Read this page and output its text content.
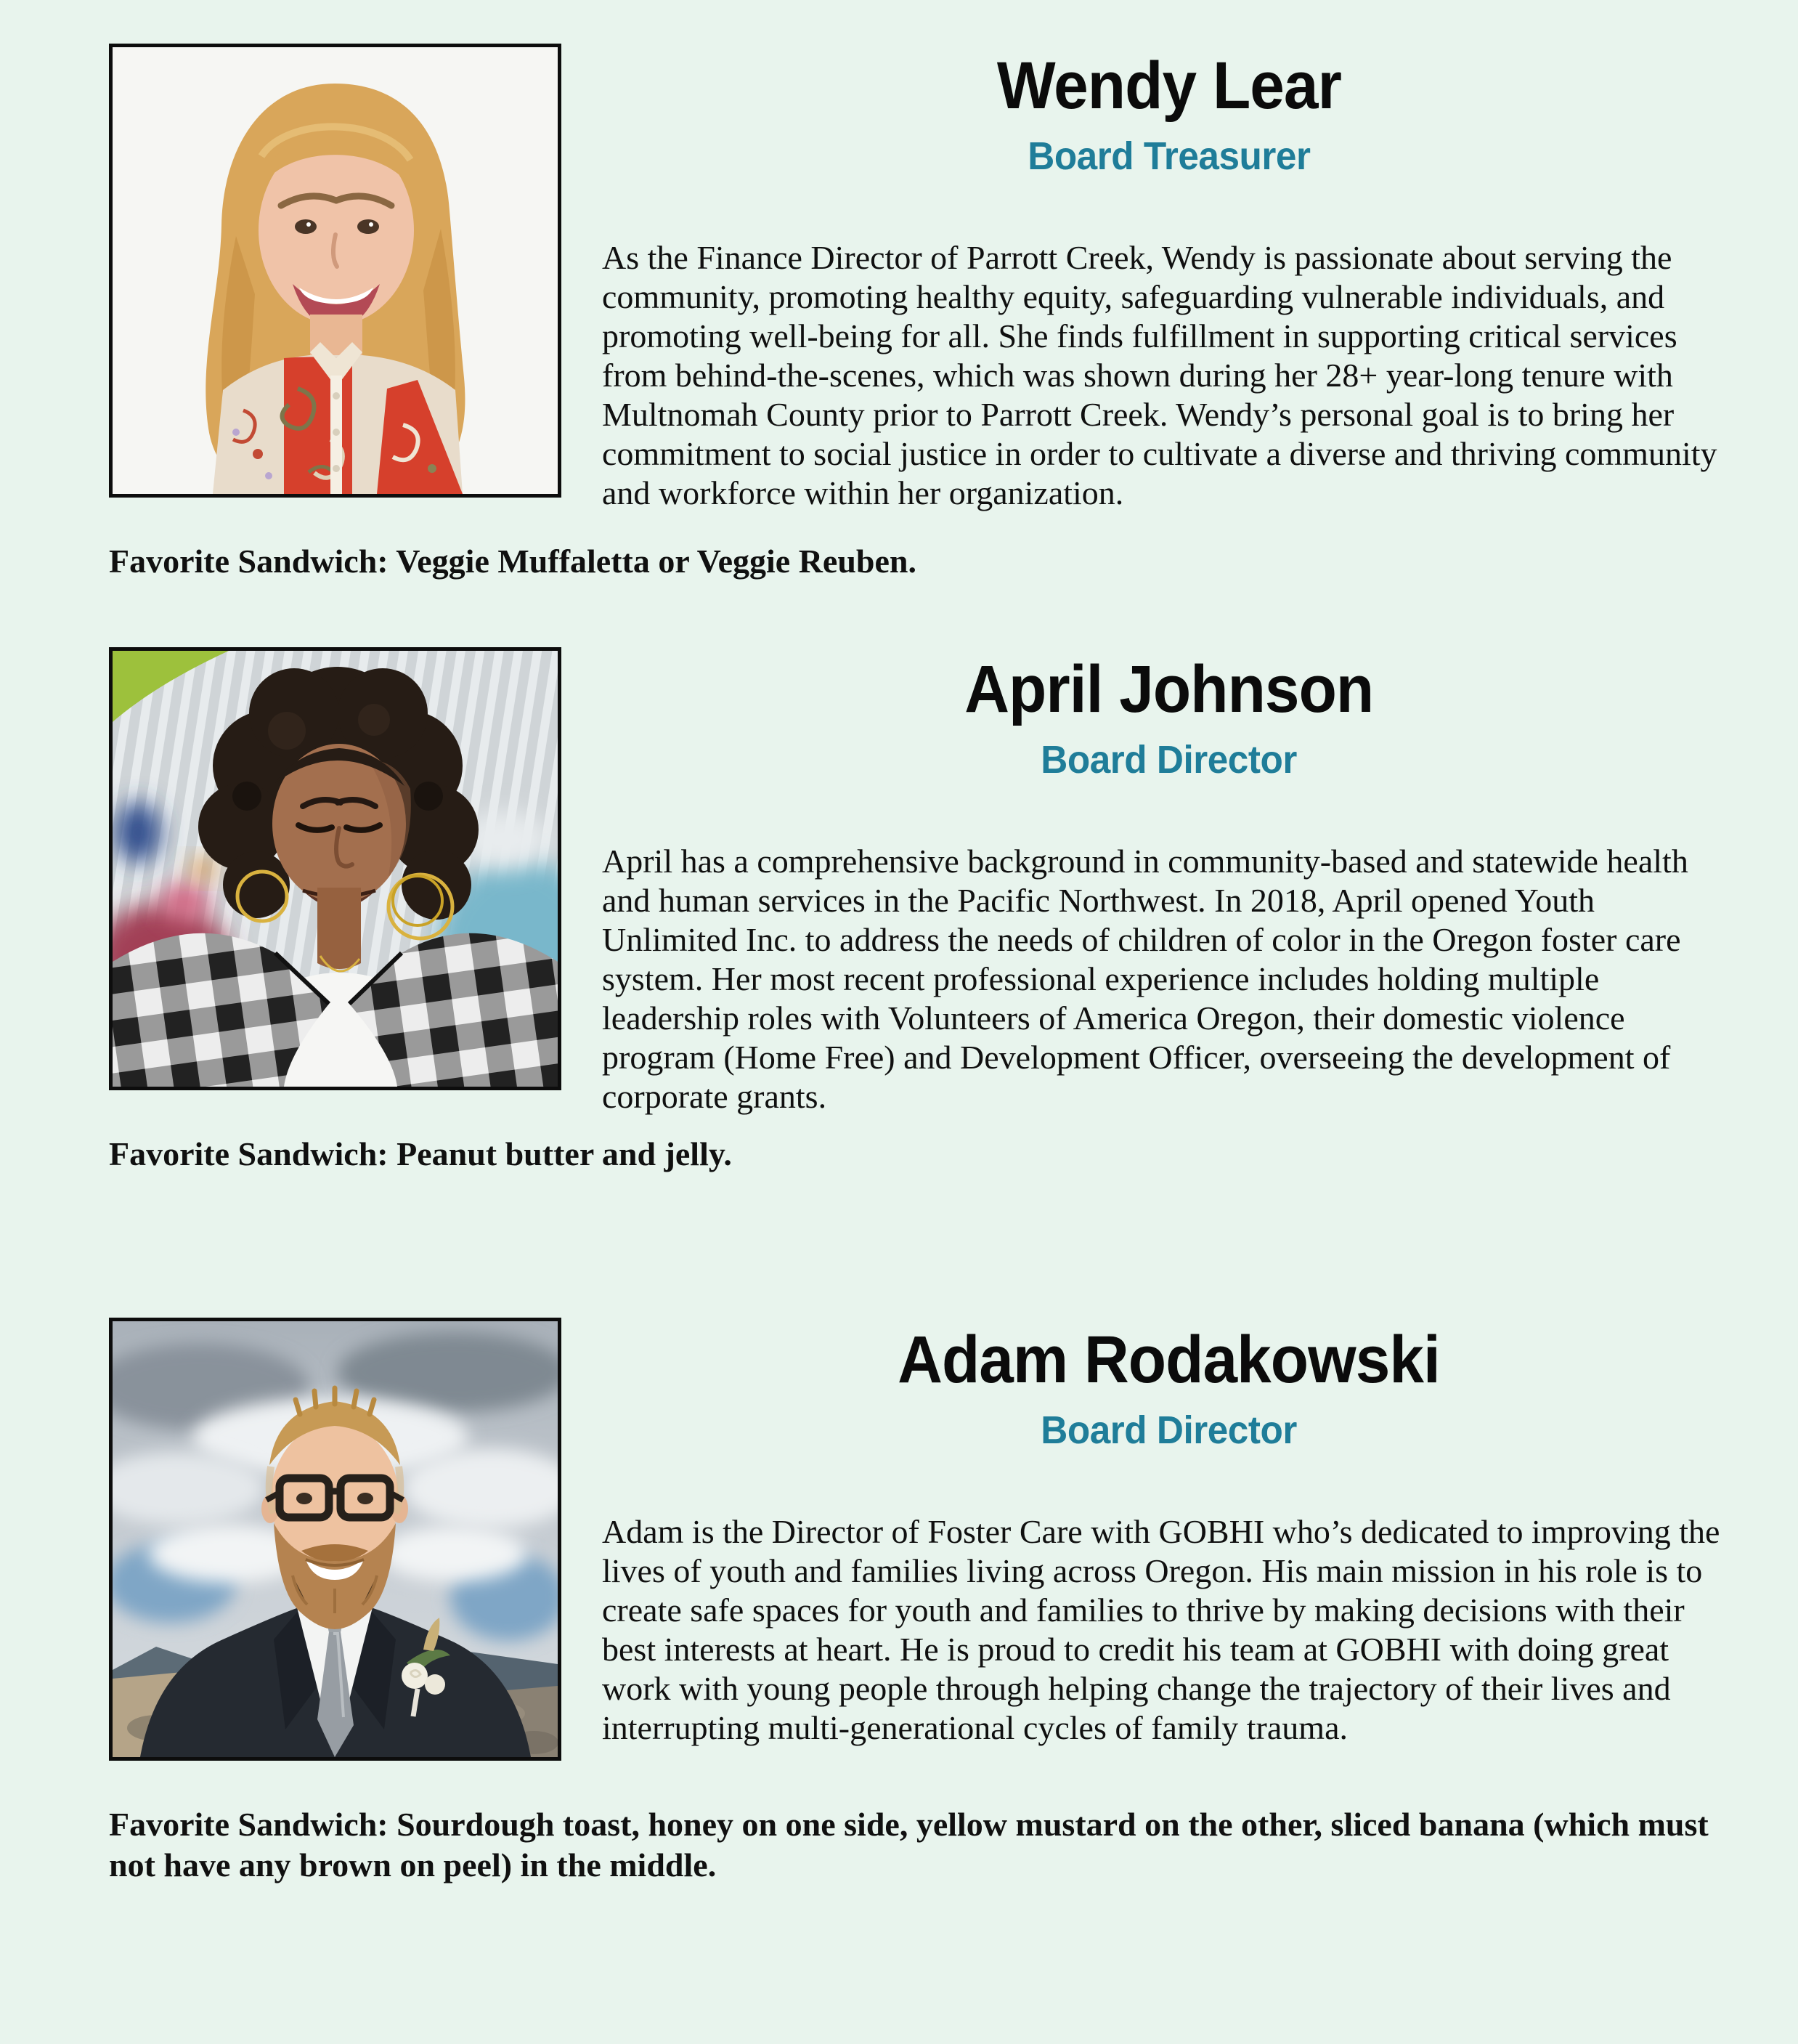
Wendy Lear
Board Treasurer

As the Finance Director of Parrott Creek, Wendy is passionate about serving the community, promoting healthy equity, safeguarding vulnerable individuals, and promoting well-being for all. She finds fulfillment in supporting critical services from behind-the-scenes, which was shown during her 28+ year-long tenure with Multnomah County prior to Parrott Creek. Wendy’s personal goal is to bring her commitment to social justice in order to cultivate a diverse and thriving community and workforce within her organization.

Favorite Sandwich: Veggie Muffaletta or Veggie Reuben.

April Johnson
Board Director

April has a comprehensive background in community-based and statewide health and human services in the Pacific Northwest. In 2018, April opened Youth Unlimited Inc. to address the needs of children of color in the Oregon foster care system. Her most recent professional experience includes holding multiple leadership roles with Volunteers of America Oregon, their domestic violence program (Home Free) and Development Officer, overseeing the development of corporate grants.

Favorite Sandwich: Peanut butter and jelly.

Adam Rodakowski
Board Director

Adam is the Director of Foster Care with GOBHI who’s dedicated to improving the lives of youth and families living across Oregon. His main mission in his role is to create safe spaces for youth and families to thrive by making decisions with their best interests at heart. He is proud to credit his team at GOBHI with doing great work with young people through helping change the trajectory of their lives and interrupting multi-generational cycles of family trauma.

Favorite Sandwich: Sourdough toast, honey on one side, yellow mustard on the other, sliced banana (which must not have any brown on peel) in the middle.
